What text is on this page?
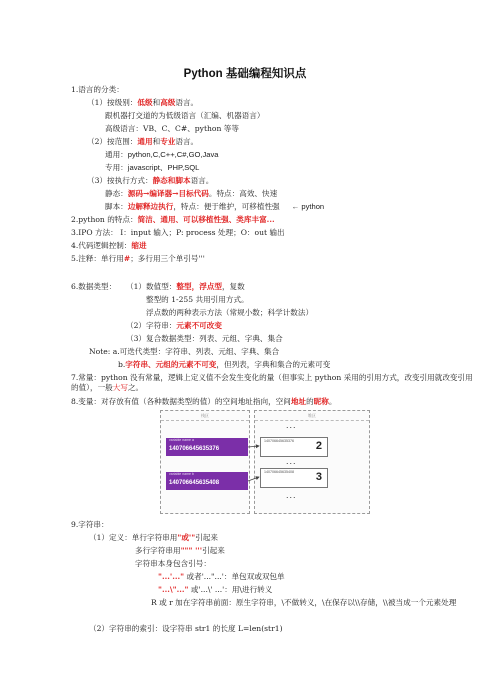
Python 基础编程知识点
1.语言的分类：
（1）按级别：低级和高级语言。
跟机器打交道的为低级语言（汇编、机器语言）
高级语言：VB、C、C#、python 等等
（2）按范围：通用和专业语言。
通用：python,C,C++,C#,GO,Java
专用：javascript、PHP,SQL
（3）按执行方式：静态和脚本语言。
静态：源码→编译器→目标代码。特点：高效、快速
脚本：边解释边执行，特点：便于维护，可移植性强 ← python
2.python 的特点：简洁、通用、可以移植性强、类库丰富...
3.IPO 方法： I：input 输入；P: process 处理；O：out 输出
4.代码逻辑控制：缩进
5.注释：单行用#；多行用三个单引号'''
6.数据类型： （1）数值型：整型，浮点型，复数
整型的 1-255 共用引用方式。
浮点数的两种表示方法（常规小数；科学计数法）
（2）字符串：元素不可改变
（3）复合数据类型：列表、元组、字典、集合
Note: a.可迭代类型：字符串、列表、元组、字典、集合
b.字符串、元组的元素不可变，但列表，字典和集合的元素可变
7.常量：python 没有常量，逻辑上定义值不会发生变化的量（但事实上 python 采用的引用方式，改变引用就改变引用的值），一般大写之。
8.变量：对存放有值（各种数据类型的值）的空间地址指向，空间地址的昵称。
栈区	堆区
variable name a
140706645635376
variable name b
140706645635408
...
140706645635376 2
...
140706645635408 3
...
9.字符串：
（1）定义：单行字符串用"或'"引起来
多行字符串用""" '''引起来
字符串本身包含引号：
"...'..." 或者'..."...'：单包双或双包单
"...\"..." 或'...\' ...'：用\进行转义
R 或 r 加在字符串前面：原生字符串，\不做转义，\在保存以\\存储，\\被当成一个元素处理
（2）字符串的索引：设字符串 str1 的长度 L=len(str1)
